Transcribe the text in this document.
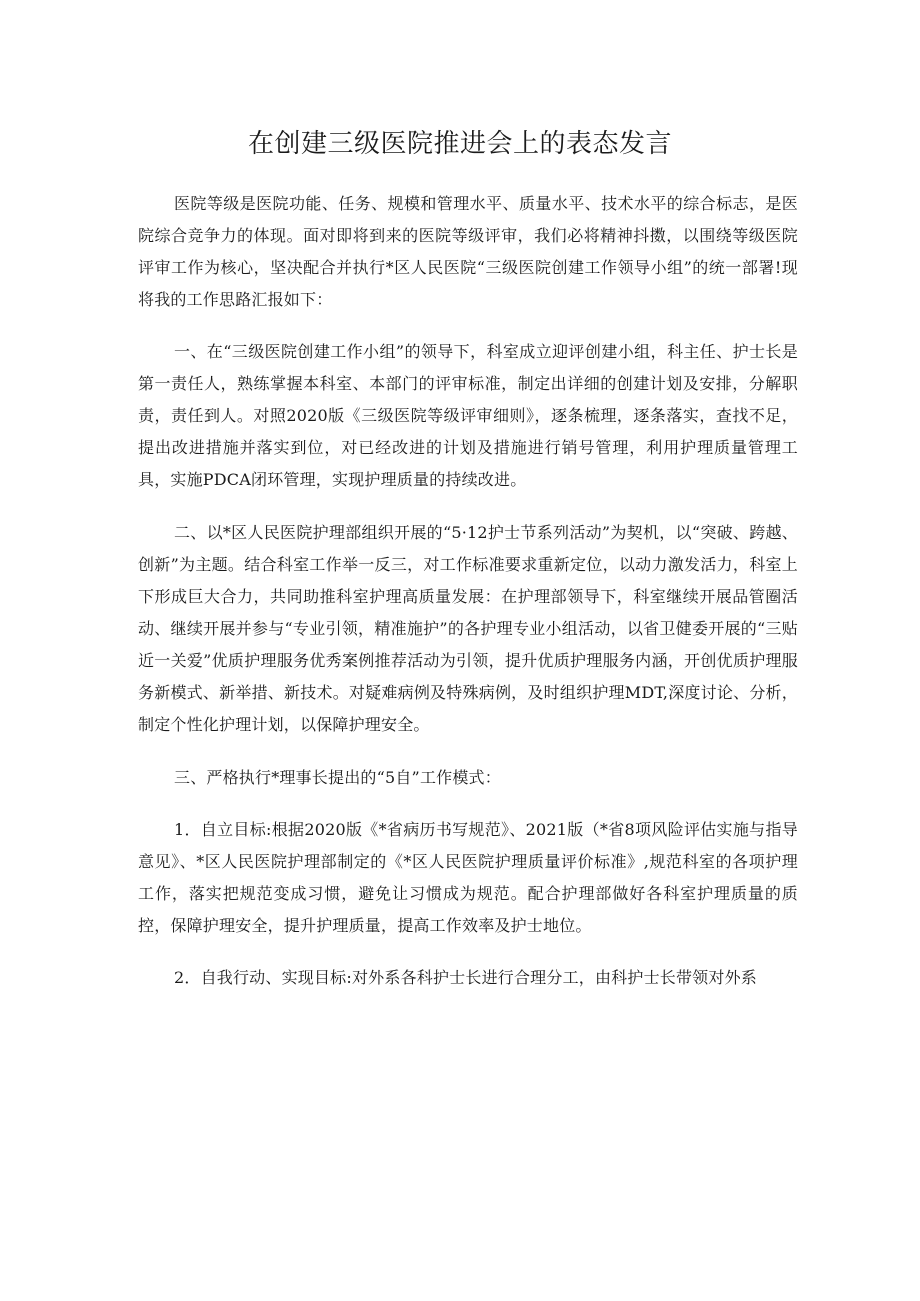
在创建三级医院推进会上的表态发言

医院等级是医院功能、任务、规模和管理水平、质量水平、技术水平的综合标志，是医院综合竞争力的体现。面对即将到来的医院等级评审，我们必将精神抖擞，以围绕等级医院评审工作为核心，坚决配合并执行*区人民医院“三级医院创建工作领导小组”的统一部署!现将我的工作思路汇报如下：

一、在“三级医院创建工作小组”的领导下，科室成立迎评创建小组，科主任、护士长是第一责任人，熟练掌握本科室、本部门的评审标准，制定出详细的创建计划及安排，分解职责，责任到人。对照2020版《三级医院等级评审细则》，逐条梳理，逐条落实，查找不足，提出改进措施并落实到位，对已经改进的计划及措施进行销号管理，利用护理质量管理工具，实施PDCA闭环管理，实现护理质量的持续改进。

二、以*区人民医院护理部组织开展的“5·12护士节系列活动”为契机，以“突破、跨越、创新”为主题。结合科室工作举一反三，对工作标准要求重新定位，以动力激发活力，科室上下形成巨大合力，共同助推科室护理高质量发展：在护理部领导下，科室继续开展品管圈活动、继续开展并参与“专业引领，精准施护”的各护理专业小组活动，以省卫健委开展的“三贴近一关爱”优质护理服务优秀案例推荐活动为引领，提升优质护理服务内涵，开创优质护理服务新模式、新举措、新技术。对疑难病例及特殊病例，及时组织护理MDT,深度讨论、分析，制定个性化护理计划，以保障护理安全。

三、严格执行*理事长提出的“5自”工作模式：

1．自立目标:根据2020版《*省病历书写规范》、2021版（*省8项风险评估实施与指导意见》、*区人民医院护理部制定的《*区人民医院护理质量评价标准》,规范科室的各项护理工作，落实把规范变成习惯，避免让习惯成为规范。配合护理部做好各科室护理质量的质控，保障护理安全，提升护理质量，提高工作效率及护士地位。

2．自我行动、实现目标:对外系各科护士长进行合理分工，由科护士长带领对外系
